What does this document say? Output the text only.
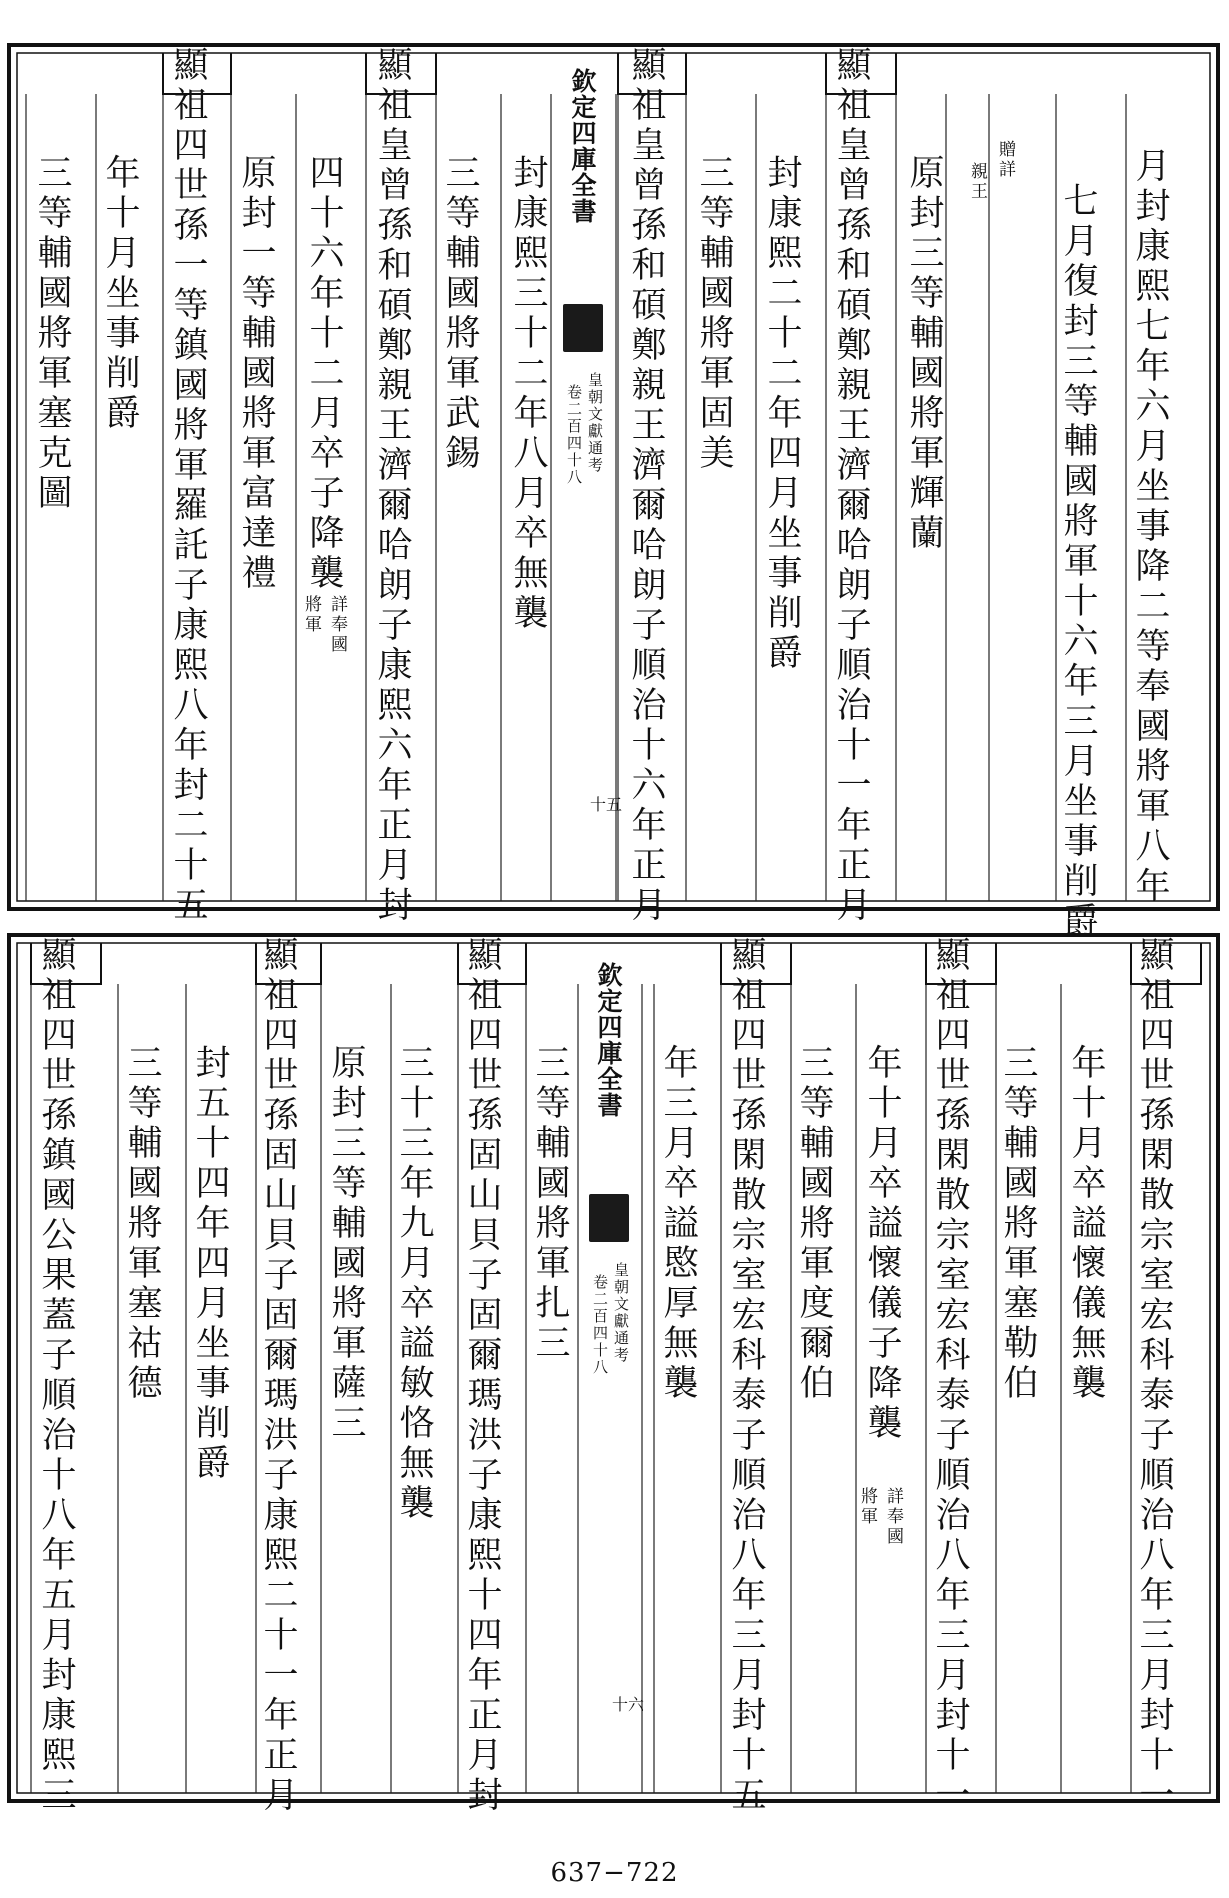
月封康熙七年六月坐事降二等奉國將軍八年
七月復封三等輔國將軍十六年三月坐事削爵
贈詳
親王
原封三等輔國將軍輝蘭
顯祖皇曾孫和碩鄭親王濟爾哈朗子順治十一年正月
封康熙二十二年四月坐事削爵
三等輔國將軍固美
顯祖皇曾孫和碩鄭親王濟爾哈朗子順治十六年正月
欽定四庫全書
皇朝文獻通考
卷二百四十八
十五
封康熙三十二年八月卒無襲
三等輔國將軍武錫
顯祖皇曾孫和碩鄭親王濟爾哈朗子康熙六年正月封
四十六年十二月卒子降襲
詳奉國
將軍
原封一等輔國將軍富達禮
顯祖四世孫一等鎮國將軍羅託子康熙八年封二十五
年十月坐事削爵
三等輔國將軍塞克圖
顯祖四世孫閑散宗室宏科泰子順治八年三月封十一
年十月卒謚懷儀無襲
三等輔國將軍塞勒伯
顯祖四世孫閑散宗室宏科泰子順治八年三月封十一
年十月卒謚懷儀子降襲
詳奉國
將軍
三等輔國將軍度爾伯
顯祖四世孫閑散宗室宏科泰子順治八年三月封十五
年三月卒謚愍厚無襲
欽定四庫全書
皇朝文獻通考
卷二百四十八
十六
三等輔國將軍扎三
顯祖四世孫固山貝子固爾瑪洪子康熙十四年正月封
三十三年九月卒謚敏恪無襲
原封三等輔國將軍薩三
顯祖四世孫固山貝子固爾瑪洪子康熙二十一年正月
封五十四年四月坐事削爵
三等輔國將軍塞祜德
顯祖四世孫鎮國公果蓋子順治十八年五月封康熙三
637−722
